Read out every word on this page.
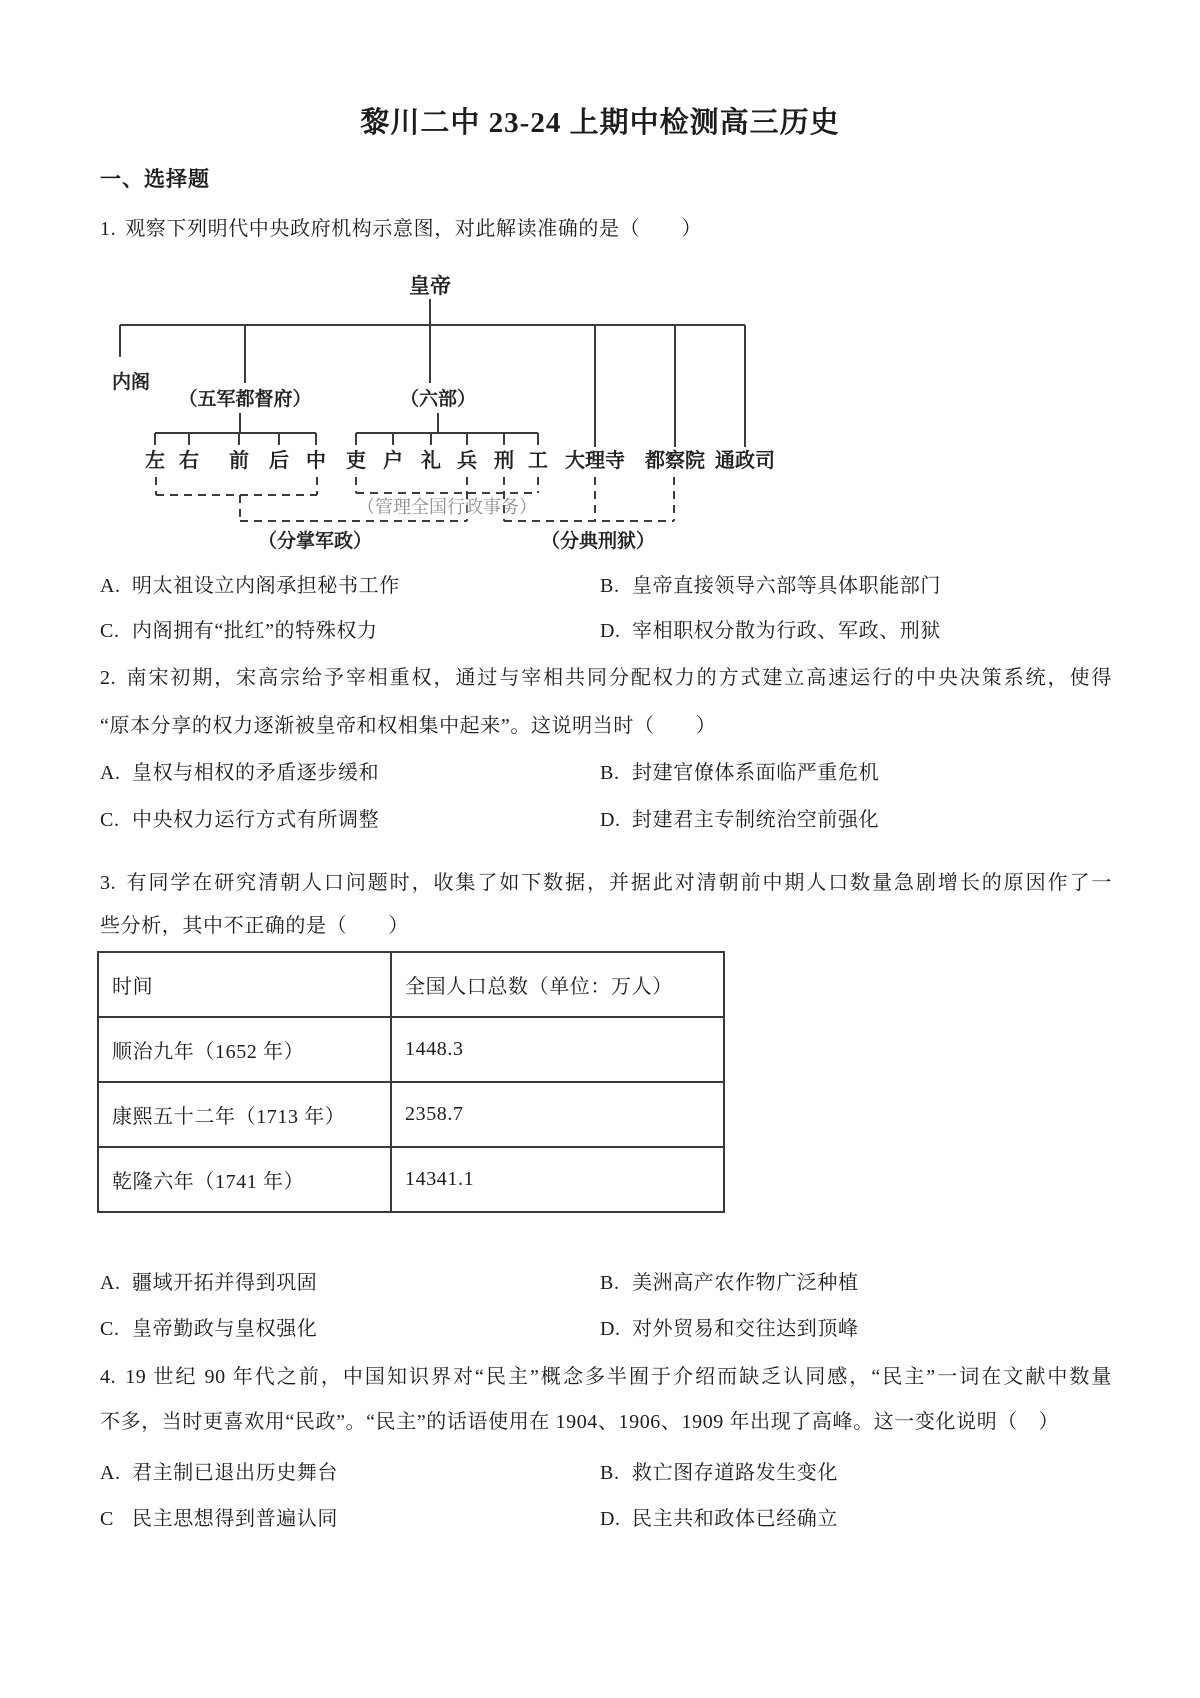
黎川二中 23-24 上期中检测高三历史
一、选择题
1. 观察下列明代中央政府机构示意图，对此解读准确的是（　　）
皇帝
内阁
（五军都督府）	（六部）
左 右 前 后 中 吏 户 礼 兵 刑 工 大理寺 都察院 通政司
（管理全国行政事务）
（分掌军政）	（分典刑狱）
A. 明太祖设立内阁承担秘书工作	B. 皇帝直接领导六部等具体职能部门
C. 内阁拥有“批红”的特殊权力	D. 宰相职权分散为行政、军政、刑狱
2. 南宋初期，宋高宗给予宰相重权，通过与宰相共同分配权力的方式建立高速运行的中央决策系统，使得
“原本分享的权力逐渐被皇帝和权相集中起来”。这说明当时（　　）
A. 皇权与相权的矛盾逐步缓和	B. 封建官僚体系面临严重危机
C. 中央权力运行方式有所调整	D. 封建君主专制统治空前强化
3. 有同学在研究清朝人口问题时，收集了如下数据，并据此对清朝前中期人口数量急剧增长的原因作了一
些分析，其中不正确的是（　　）
时间	全国人口总数（单位：万人）
顺治九年（1652 年）	1448.3
康熙五十二年（1713 年）	2358.7
乾隆六年（1741 年）	14341.1
A. 疆域开拓并得到巩固	B. 美洲高产农作物广泛种植
C. 皇帝勤政与皇权强化	D. 对外贸易和交往达到顶峰
4. 19 世纪 90 年代之前，中国知识界对“民主”概念多半囿于介绍而缺乏认同感，“民主”一词在文献中数量
不多，当时更喜欢用“民政”。“民主”的话语使用在 1904、1906、1909 年出现了高峰。这一变化说明（　）
A. 君主制已退出历史舞台	B. 救亡图存道路发生变化
C 民主思想得到普遍认同	D. 民主共和政体已经确立
